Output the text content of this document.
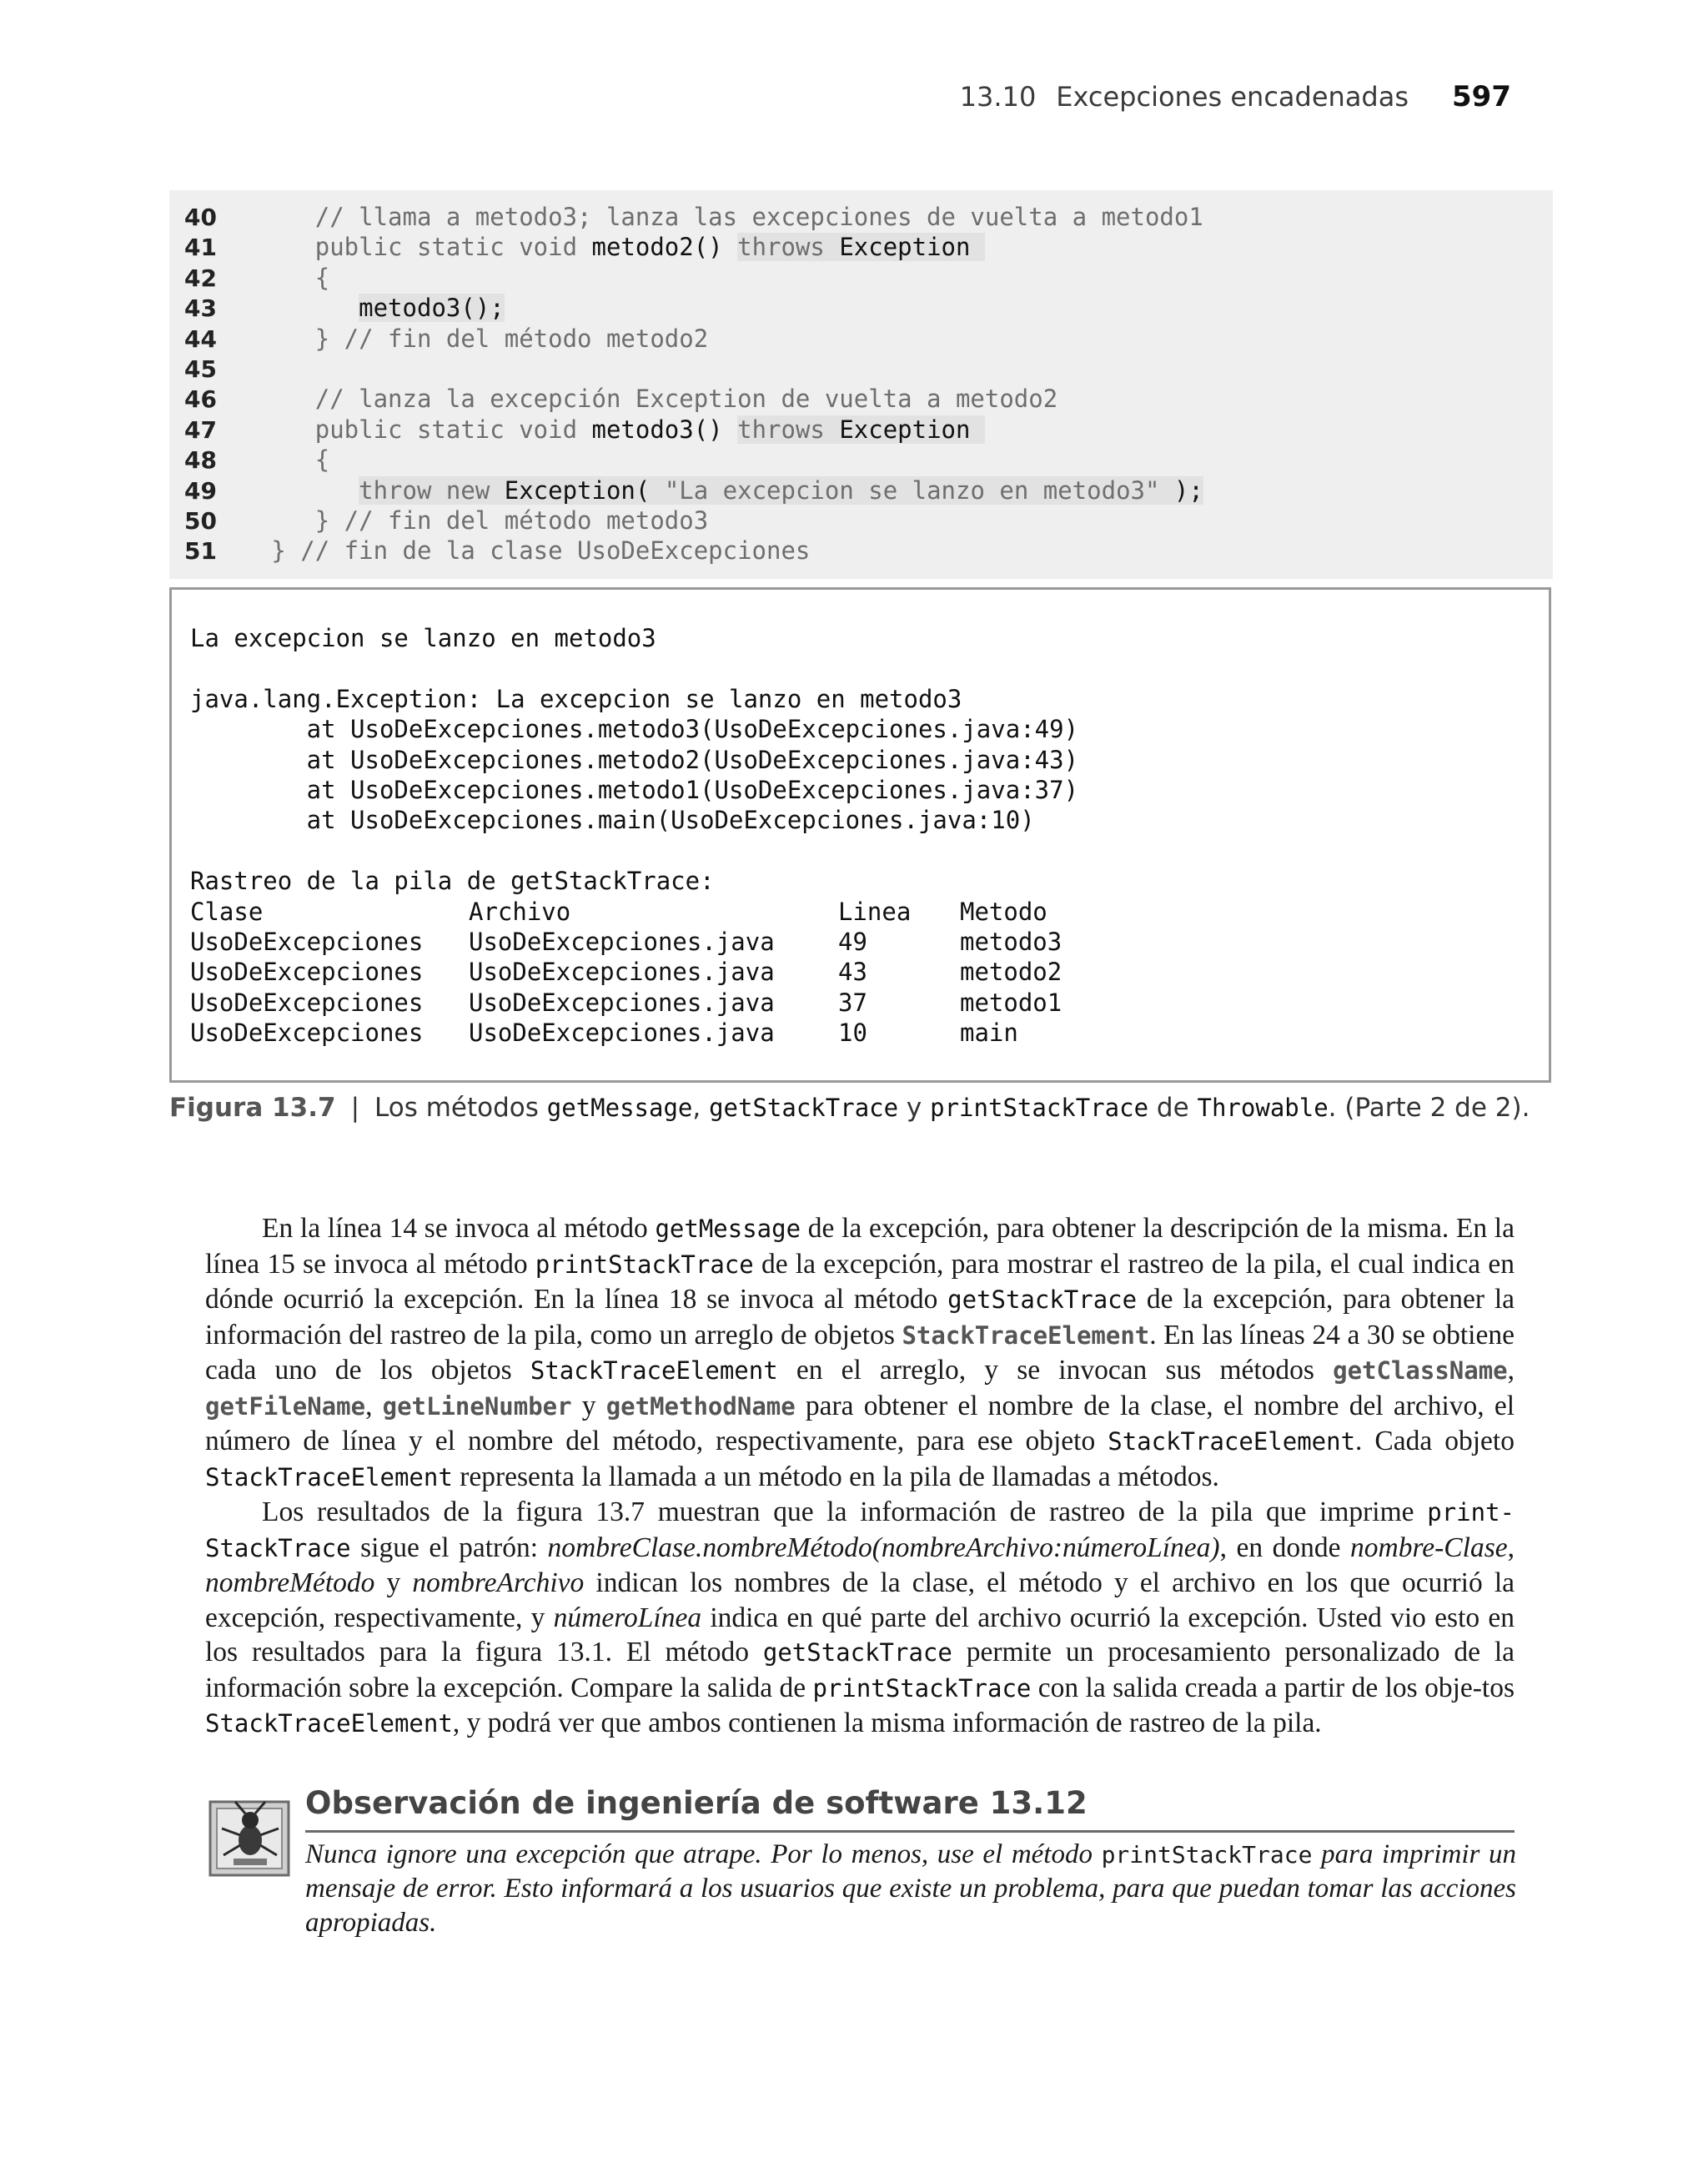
13.10 Excepciones encadenadas 597
40      // llama a metodo3; lanza las excepciones de vuelta a metodo1
41      public static void metodo2() throws Exception
42      {
43	metodo3();
44      } // fin del método metodo2
45
46      // lanza la excepción Exception de vuelta a metodo2
47      public static void metodo3() throws Exception
48      {
49	throw new Exception( "La excepcion se lanzo en metodo3" );
50      } // fin del método metodo3
51   } // fin de la clase UsoDeExcepciones
La excepcion se lanzo en metodo3
java.lang.Exception: La excepcion se lanzo en metodo3
at UsoDeExcepciones.metodo3(UsoDeExcepciones.java:49)
at UsoDeExcepciones.metodo2(UsoDeExcepciones.java:43)
at UsoDeExcepciones.metodo1(UsoDeExcepciones.java:37)
at UsoDeExcepciones.main(UsoDeExcepciones.java:10)
Rastreo de la pila de getStackTrace:
Clase	Archivo	Linea Metodo
UsoDeExcepciones UsoDeExcepciones.java	49	metodo3
UsoDeExcepciones UsoDeExcepciones.java	43	metodo2
UsoDeExcepciones UsoDeExcepciones.java	37	metodo1
UsoDeExcepciones UsoDeExcepciones.java	10	main
Figura 13.7 | Los métodos getMessage, getStackTrace y printStackTrace de Throwable. (Parte 2 de 2).

En la línea 14 se invoca al método getMessage de la excepción, para obtener la descripción de la misma. En la línea 15 se invoca al método printStackTrace de la excepción, para mostrar el rastreo de la pila, el cual indica en dónde ocurrió la excepción. En la línea 18 se invoca al método getStackTrace de la excepción, para obtener la información del rastreo de la pila, como un arreglo de objetos StackTraceElement. En las líneas 24 a 30 se obtiene cada uno de los objetos StackTraceElement en el arreglo, y se invocan sus métodos getClassName, getFileName, getLineNumber y getMethodName para obtener el nombre de la clase, el nombre del archivo, el número de línea y el nombre del método, respectivamente, para ese objeto StackTraceElement. Cada objeto StackTraceElement representa la llamada a un método en la pila de llamadas a métodos.

Los resultados de la figura 13.7 muestran que la información de rastreo de la pila que imprime print-StackTrace sigue el patrón: nombreClase.nombreMétodo(nombreArchivo:númeroLínea), en donde nombre-Clase, nombreMétodo y nombreArchivo indican los nombres de la clase, el método y el archivo en los que ocurrió la excepción, respectivamente, y númeroLínea indica en qué parte del archivo ocurrió la excepción. Usted vio esto en los resultados para la figura 13.1. El método getStackTrace permite un procesamiento personalizado de la información sobre la excepción. Compare la salida de printStackTrace con la salida creada a partir de los obje-tos StackTraceElement, y podrá ver que ambos contienen la misma información de rastreo de la pila.

Observación de ingeniería de software 13.12
Nunca ignore una excepción que atrape. Por lo menos, use el método printStackTrace para imprimir un mensaje de error. Esto informará a los usuarios que existe un problema, para que puedan tomar las acciones apropiadas.
